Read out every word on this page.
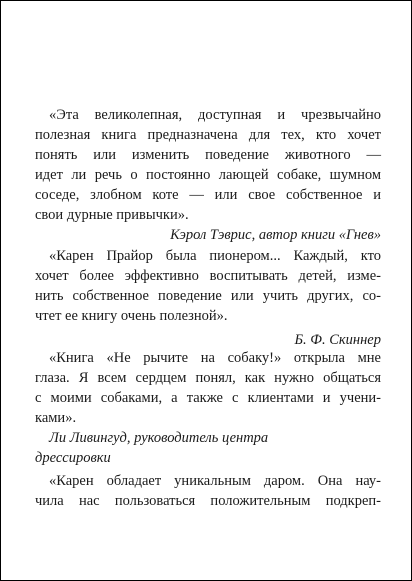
«Эта великолепная, доступная и чрезвычайно
полезная книга предназначена для тех, кто хочет
понять или изменить поведение животного —
идет ли речь о постоянно лающей собаке, шумном
соседе, злобном коте — или свое собственное и
свои дурные привычки».
Кэрол Тэврис, автор книги «Гнев»
«Карен Прайор была пионером... Каждый, кто
хочет более эффективно воспитывать детей, изме-
нить собственное поведение или учить других, со-
чтет ее книгу очень полезной».
Б. Ф. Скиннер
«Книга «Не рычите на собаку!» открыла мне
глаза. Я всем сердцем понял, как нужно общаться
с моими собаками, а также с клиентами и учени-
ками».
Ли Ливингуд, руководитель центра
дрессировки
«Карен обладает уникальным даром. Она нау-
чила нас пользоваться положительным подкреп-
